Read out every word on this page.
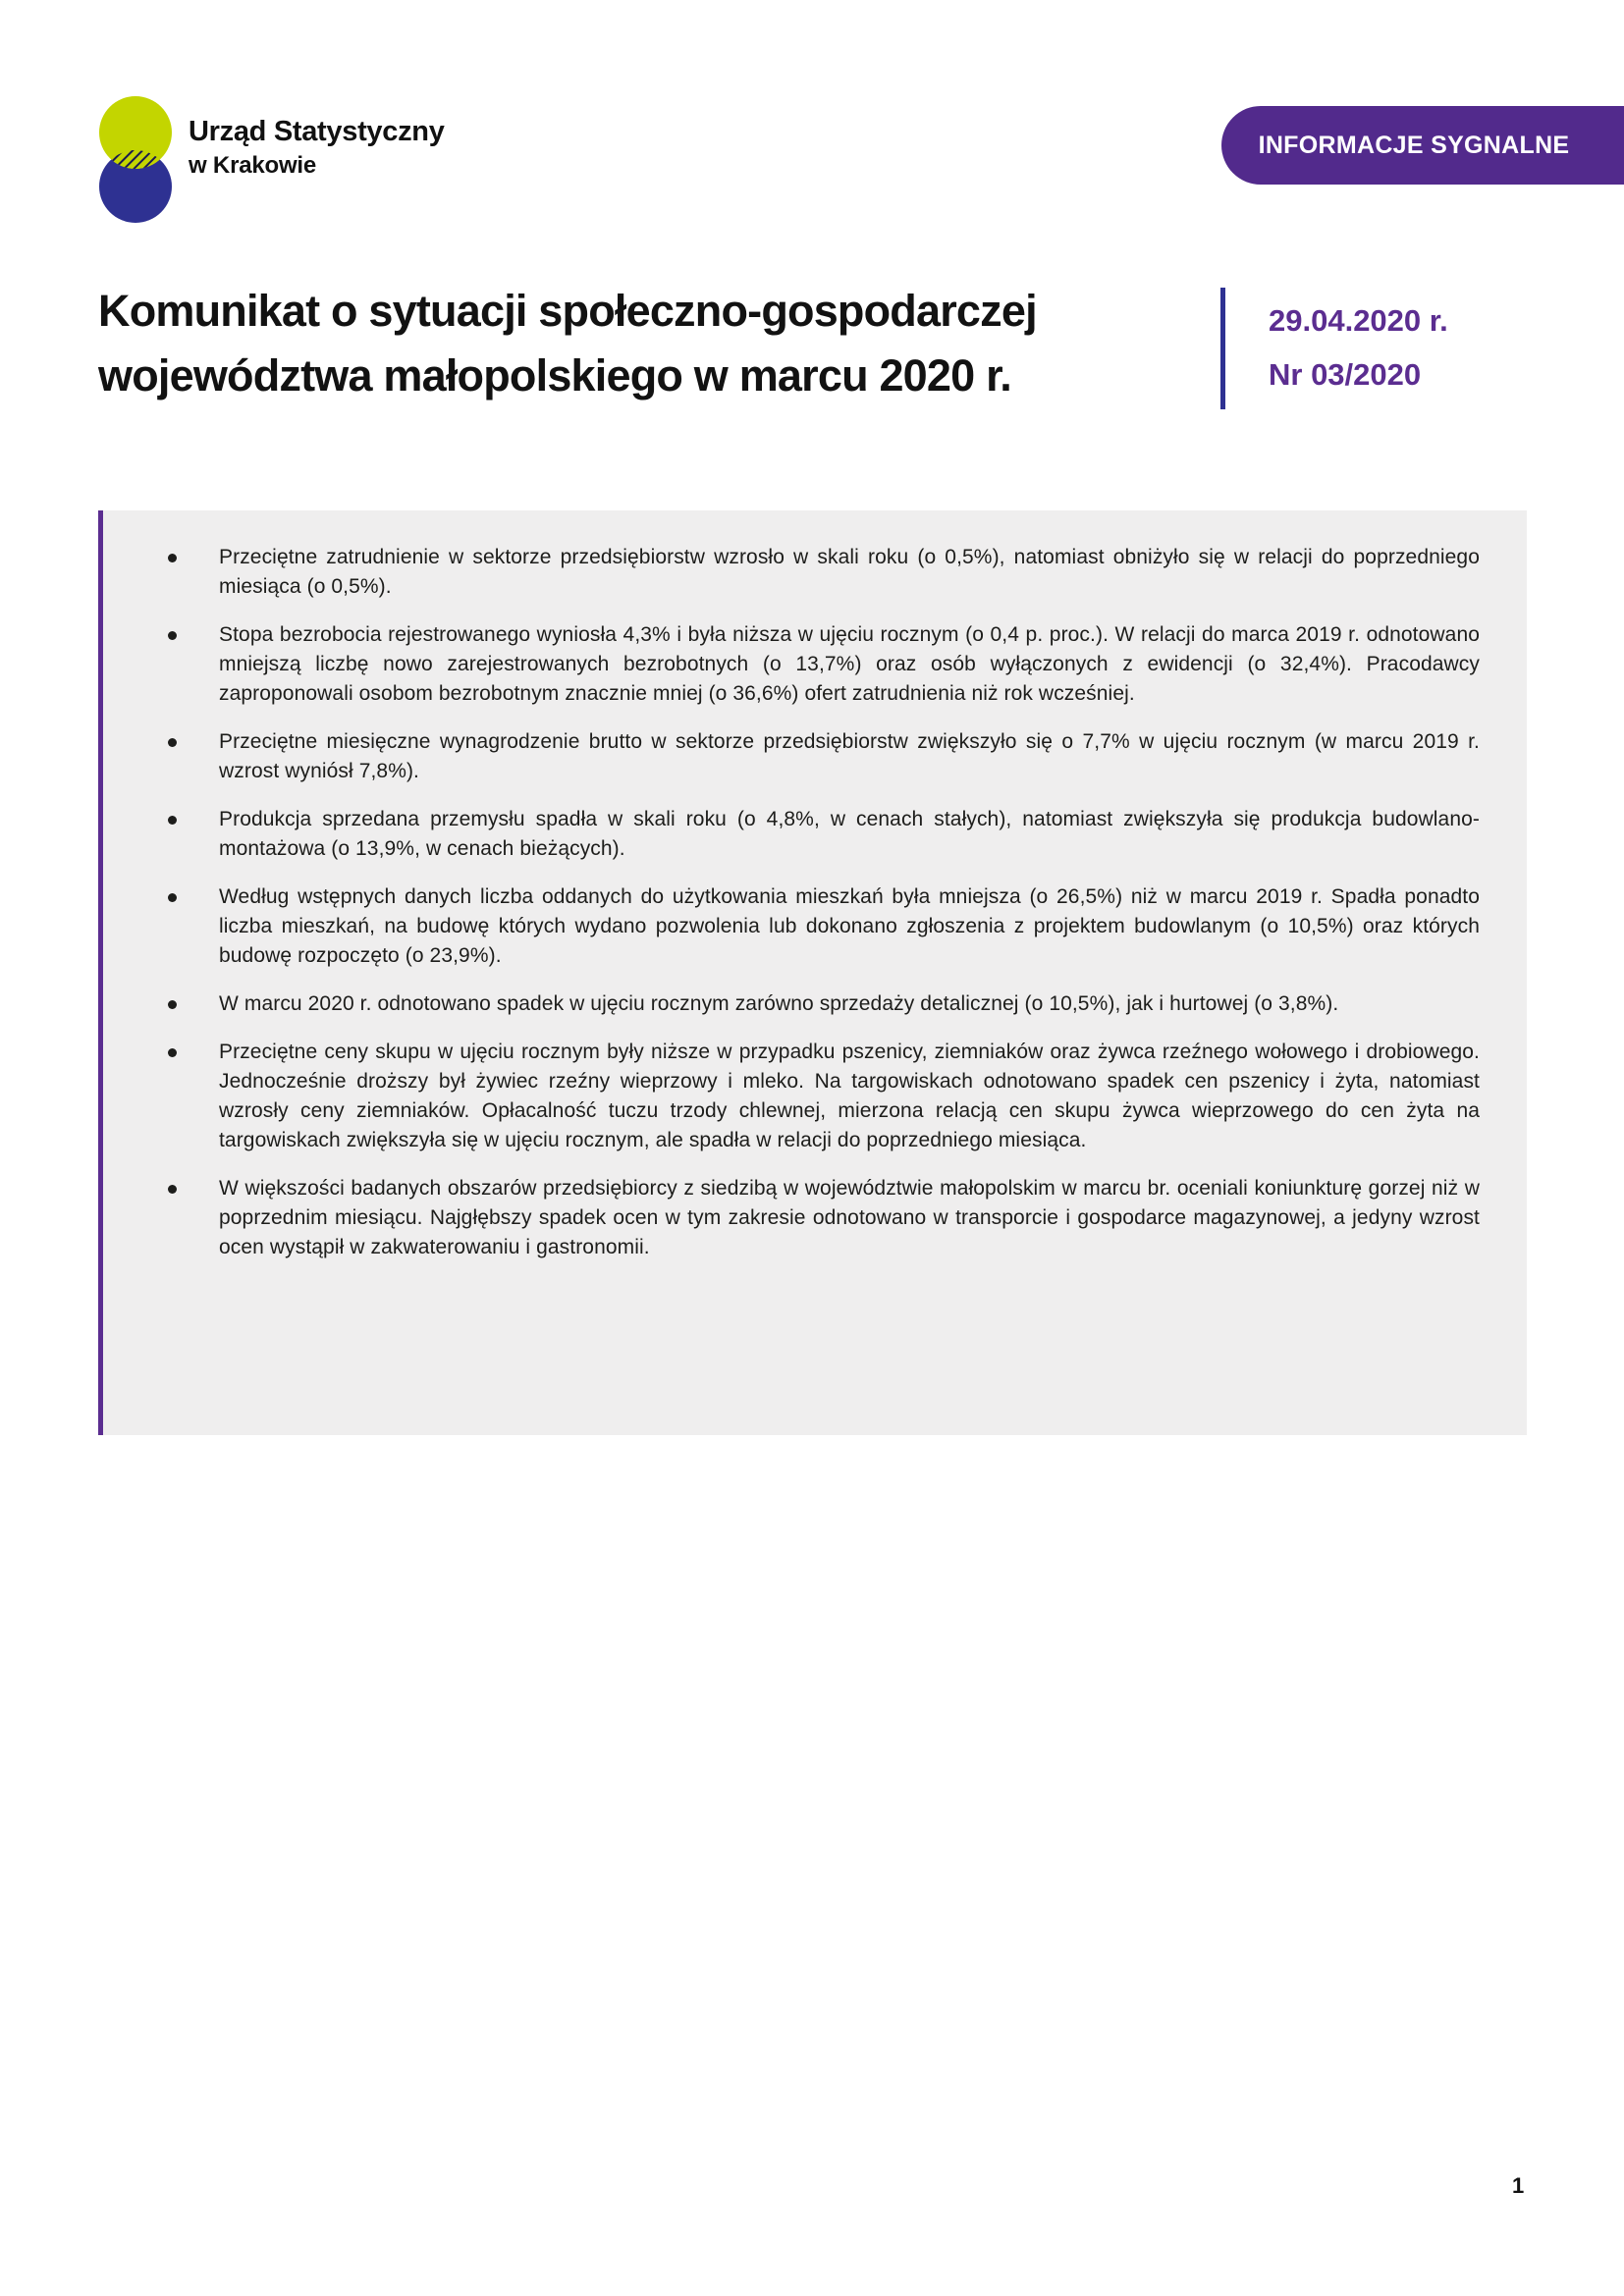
Urząd Statystyczny
w Krakowie
INFORMACJE SYGNALNE
Komunikat o sytuacji społeczno-gospodarczej
województwa małopolskiego w marcu 2020 r.
29.04.2020 r.
Nr 03/2020
Przeciętne zatrudnienie w sektorze przedsiębiorstw wzrosło w skali roku (o 0,5%), natomiast obniżyło się w relacji do poprzedniego miesiąca (o 0,5%).
Stopa bezrobocia rejestrowanego wyniosła 4,3% i była niższa w ujęciu rocznym (o 0,4 p. proc.). W relacji do marca 2019 r. odnotowano mniejszą liczbę nowo zarejestrowanych bezrobotnych (o 13,7%) oraz osób wyłączonych z ewidencji (o 32,4%). Pracodawcy zaproponowali osobom bezrobotnym znacznie mniej (o 36,6%) ofert zatrudnienia niż rok wcześniej.
Przeciętne miesięczne wynagrodzenie brutto w sektorze przedsiębiorstw zwiększyło się o 7,7% w ujęciu rocznym (w marcu 2019 r. wzrost wyniósł 7,8%).
Produkcja sprzedana przemysłu spadła w skali roku (o 4,8%, w cenach stałych), natomiast zwiększyła się produkcja budowlano-montażowa (o 13,9%, w cenach bieżących).
Według wstępnych danych liczba oddanych do użytkowania mieszkań była mniejsza (o 26,5%) niż w marcu 2019 r. Spadła ponadto liczba mieszkań, na budowę których wydano pozwolenia lub dokonano zgłoszenia z projektem budowlanym (o 10,5%) oraz których budowę rozpoczęto (o 23,9%).
W marcu 2020 r. odnotowano spadek w ujęciu rocznym zarówno sprzedaży detalicznej (o 10,5%), jak i hurtowej (o 3,8%).
Przeciętne ceny skupu w ujęciu rocznym były niższe w przypadku pszenicy, ziemniaków oraz żywca rzeźnego wołowego i drobiowego. Jednocześnie droższy był żywiec rzeźny wieprzowy i mleko. Na targowiskach odnotowano spadek cen pszenicy i żyta, natomiast wzrosły ceny ziemniaków. Opłacalność tuczu trzody chlewnej, mierzona relacją cen skupu żywca wieprzowego do cen żyta na targowiskach zwiększyła się w ujęciu rocznym, ale spadła w relacji do poprzedniego miesiąca.
W większości badanych obszarów przedsiębiorcy z siedzibą w województwie małopolskim w marcu br. oceniali koniunkturę gorzej niż w poprzednim miesiącu. Najgłębszy spadek ocen w tym zakresie odnotowano w transporcie i gospodarce magazynowej, a jedyny wzrost ocen wystąpił w zakwaterowaniu i gastronomii.
1
